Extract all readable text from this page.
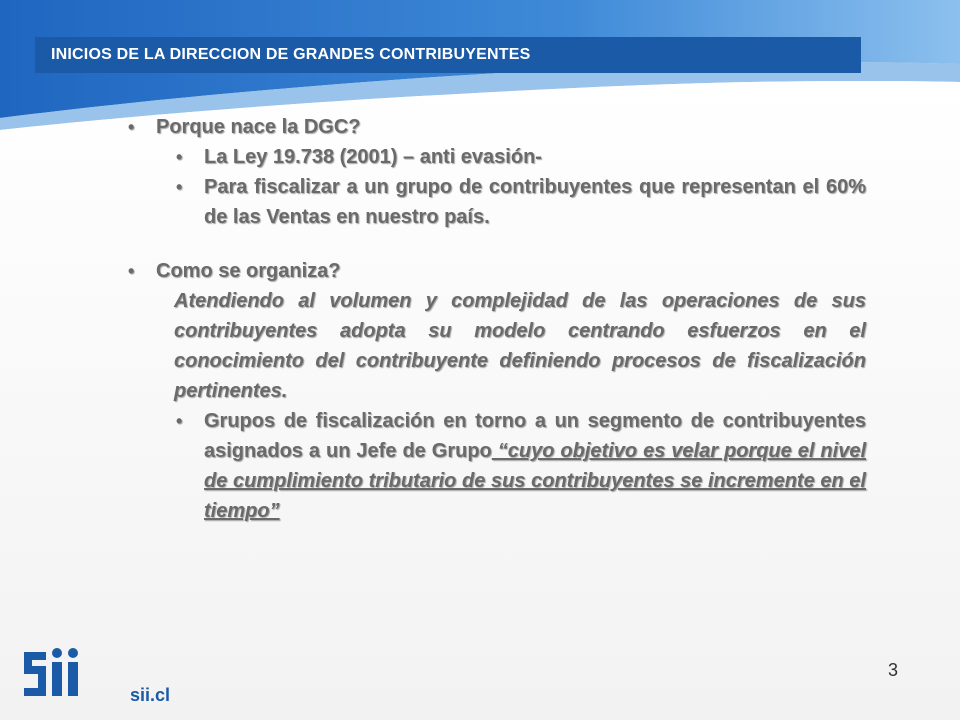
INICIOS DE LA DIRECCION DE GRANDES CONTRIBUYENTES
• Porque nace la DGC?
• La Ley 19.738 (2001) – anti evasión-
• Para fiscalizar a un grupo de contribuyentes que representan el 60% de las Ventas en nuestro país.
• Como se organiza?
Atendiendo al volumen y complejidad de las operaciones de sus contribuyentes adopta su modelo centrando esfuerzos en el conocimiento del contribuyente definiendo procesos de fiscalización pertinentes.
• Grupos de fiscalización en torno a un segmento de contribuyentes asignados a un Jefe de Grupo “cuyo objetivo es velar porque el nivel de cumplimiento tributario de sus contribuyentes se incremente en el tiempo”
sii.cl
3
